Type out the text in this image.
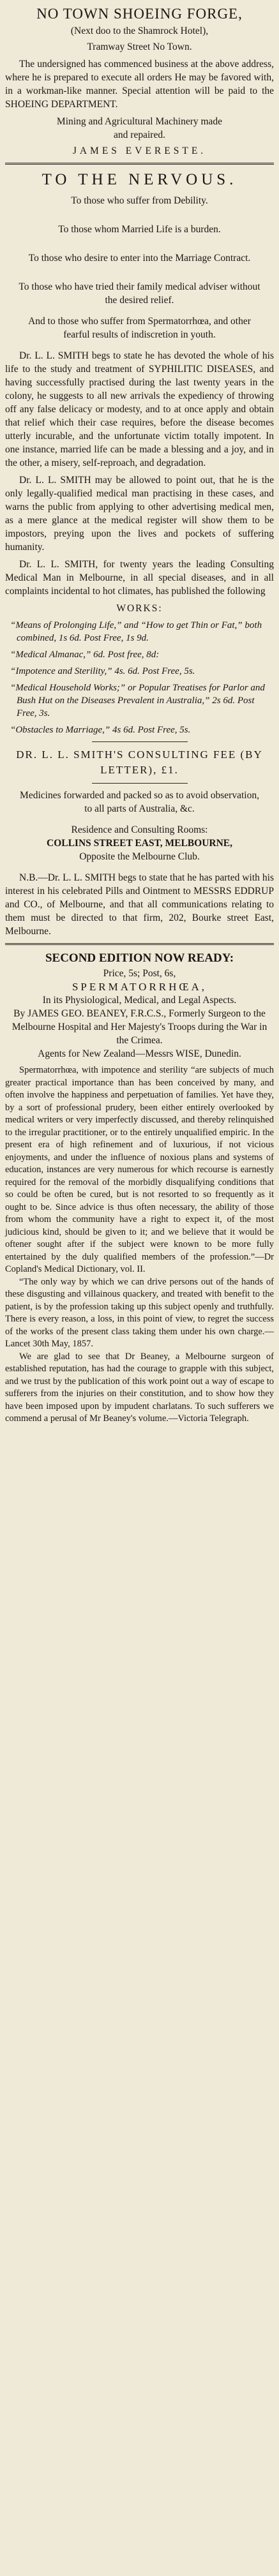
NO TOWN SHOEING FORGE,
(Next doo to the Shamrock Hotel),
Tramway Street No Town.

The undersigned has commenced business at the above address, where he is prepared to execute all orders He may be favored with, in a workman-like manner. Special attention will be paid to the SHOEING DEPARTMENT.

Mining and Agricultural Machinery made

and repaired.

JAMES EVERESTE.
TO THE NERVOUS.

To those who suffer from Debility.

To those whom Married Life is a burden.

To those who desire to enter into the Marriage Contract.

To those who have tried their family medical adviser without the desired relief.

And to those who suffer from Spermatorrhœa, and other fearful results of indiscretion in youth.

Dr. L. L. SMITH begs to state he has devoted the whole of his life to the study and treatment of SYPHILITIC DISEASES, and having successfully practised during the last twenty years in the colony, he suggests to all new arrivals the expediency of throwing off any false delicacy or modesty, and to at once apply and obtain that relief which their case requires, before the disease becomes utterly incurable, and the unfortunate victim totally impotent. In one instance, married life can be made a blessing and a joy, and in the other, a misery, self-reproach, and degradation.

Dr. L. L. SMITH may be allowed to point out, that he is the only legally-qualified medical man practising in these cases, and warns the public from applying to other advertising medical men, as a mere glance at the medical register will show them to be impostors, preying upon the lives and pockets of suffering humanity.

Dr. L. L. SMITH, for twenty years the leading Consulting Medical Man in Melbourne, in all special diseases, and in all complaints incidental to hot climates, has published the following

WORKS:

“Means of Prolonging Life,” and “How to get Thin or Fat,” both combined, 1s 6d. Post Free, 1s 9d.

“Medical Almanac,” 6d. Post free, 8d:

“Impotence and Sterility,” 4s. 6d. Post Free, 5s.

“Medical Household Works;” or Popular Treatises for Parlor and Bush Hut on the Diseases Prevalent in Australia,” 2s 6d. Post Free, 3s.

“Obstacles to Marriage,” 4s 6d. Post Free, 5s.

DR. L. L. SMITH'S CONSULTING FEE (BY LETTER), £1.

Medicines forwarded and packed so as to avoid observation, to all parts of Australia, &c.

Residence and Consulting Rooms:

COLLINS STREET EAST, MELBOURNE,

Opposite the Melbourne Club.

N.B.—Dr. L. L. SMITH begs to state that he has parted with his interest in his celebrated Pills and Ointment to MESSRS EDDRUP and CO., of Melbourne, and that all communications relating to them must be directed to that firm, 202, Bourke street East, Melbourne.

SECOND EDITION NOW READY:

Price, 5s; Post, 6s,

SPERMATORRHŒA,

In its Physiological, Medical, and Legal Aspects.

By JAMES GEO. BEANEY, F.R.C.S., Formerly Surgeon to the Melbourne Hospital and Her Majesty's Troops during the War in the Crimea.

Agents for New Zealand—Messrs WISE, Dunedin.

Spermatorrhœa, with impotence and sterility “are subjects of much greater practical importance than has been conceived by many, and often involve the happiness and perpetuation of families. Yet have they, by a sort of professional prudery, been either entirely overlooked by medical writers or very imperfectly discussed, and thereby relinquished to the irregular practitioner, or to the entirely unqualified empiric. In the present era of high refinement and of luxurious, if not vicious enjoyments, and under the influence of noxious plans and systems of education, instances are very numerous for which recourse is earnestly required for the removal of the morbidly disqualifying conditions that so could be often be cured, but is not resorted to so frequently as it ought to be. Since advice is thus often necessary, the ability of those from whom the community have a right to expect it, of the most judicious kind, should be given to it; and we believe that it would be oftener sought after if the subject were known to be more fully entertained by the duly qualified members of the profession.”—Dr Copland's Medical Dictionary, vol. II.

“The only way by which we can drive persons out of the hands of these disgusting and villainous quackery, and treated with benefit to the patient, is by the profession taking up this subject openly and truthfully. There is every reason, a loss, in this point of view, to regret the success of the works of the present class taking them under his own charge.—Lancet 30th May, 1857.

We are glad to see that Dr Beaney, a Melbourne surgeon of established reputation, has had the courage to grapple with this subject, and we trust by the publication of this work point out a way of escape to sufferers from the injuries on their constitution, and to show how they have been imposed upon by impudent charlatans. To such sufferers we commend a perusal of Mr Beaney's volume.—Victoria Telegraph.
